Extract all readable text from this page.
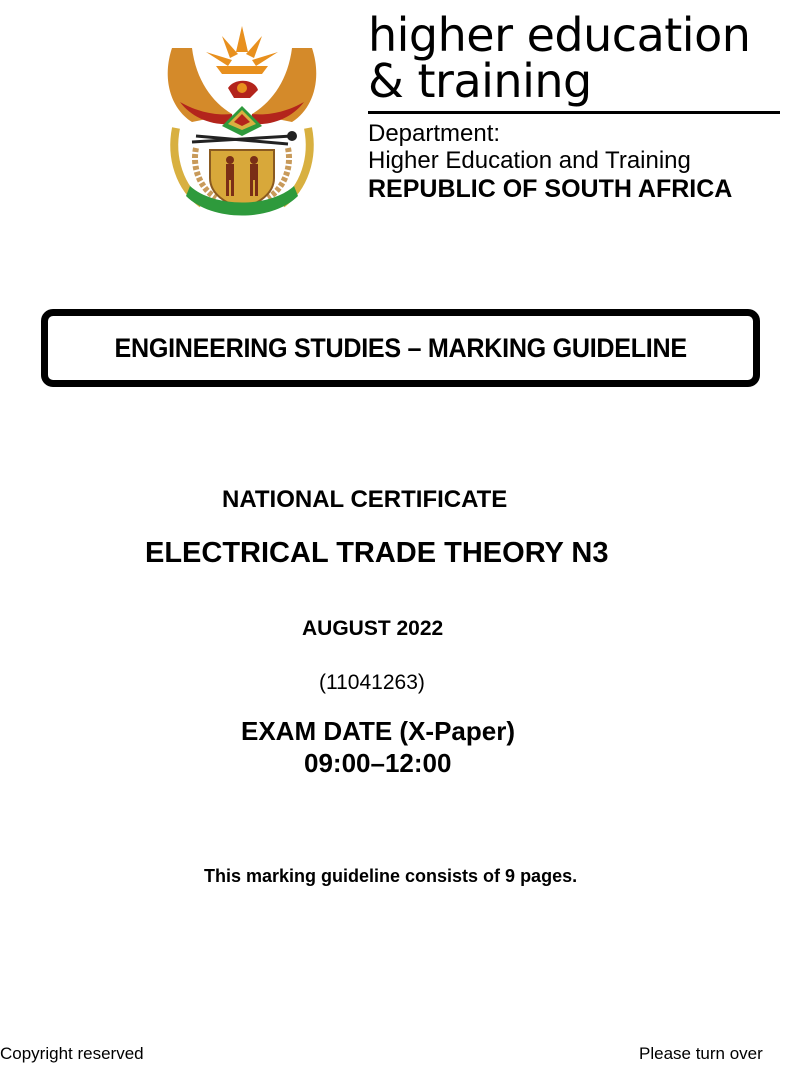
higher education
& training
Department:
Higher Education and Training
REPUBLIC OF SOUTH AFRICA
ENGINEERING STUDIES – MARKING GUIDELINE
NATIONAL CERTIFICATE
ELECTRICAL TRADE THEORY N3
AUGUST 2022
(11041263)
EXAM DATE (X-Paper)
09:00–12:00
This marking guideline consists of 9 pages.
Copyright reserved	Please turn over
